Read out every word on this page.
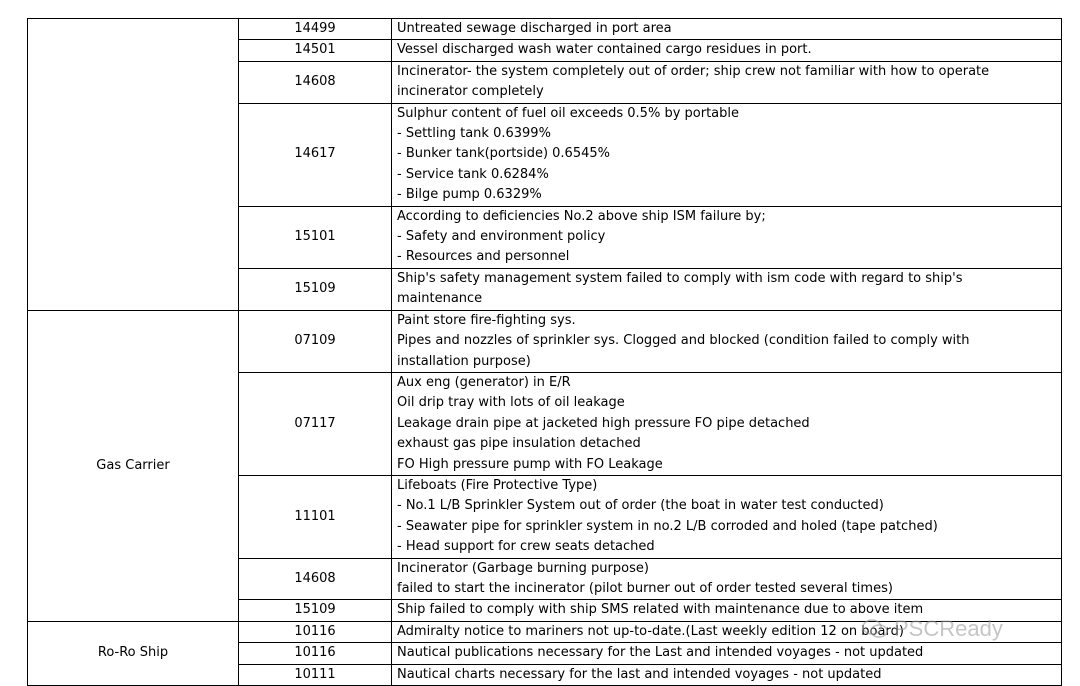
	14499	Untreated sewage discharged in port area

	14501	Vessel discharged wash water contained cargo residues in port.

	14608	Incinerator- the system completely out of order; ship crew not familiar with how to operate
incinerator completely

	14617	Sulphur content of fuel oil exceeds 0.5% by portable
- Settling tank 0.6399%
- Bunker tank(portside) 0.6545%
- Service tank 0.6284%
- Bilge pump 0.6329%

	15101	According to deficiencies No.2 above ship ISM failure by;
- Safety and environment policy
- Resources and personnel

	15109	Ship's safety management system failed to comply with ism code with regard to ship's
maintenance

Gas Carrier	07109	Paint store fire-fighting sys.
Pipes and nozzles of sprinkler sys. Clogged and blocked (condition failed to comply with
installation purpose)

	07117	Aux eng (generator) in E/R
Oil drip tray with lots of oil leakage
Leakage drain pipe at jacketed high pressure FO pipe detached
exhaust gas pipe insulation detached
FO High pressure pump with FO Leakage

	11101	Lifeboats (Fire Protective Type)
- No.1 L/B Sprinkler System out of order (the boat in water test conducted)
- Seawater pipe for sprinkler system in no.2 L/B corroded and holed (tape patched)
- Head support for crew seats detached

	14608	Incinerator (Garbage burning purpose)
failed to start the incinerator (pilot burner out of order tested several times)

	15109	Ship failed to comply with ship SMS related with maintenance due to above item

Ro-Ro Ship	10116	Admiralty notice to mariners not up-to-date.(Last weekly edition 12 on board)

	10116	Nautical publications necessary for the Last and intended voyages - not updated

	10111	Nautical charts necessary for the last and intended voyages - not updated
PSCReady
